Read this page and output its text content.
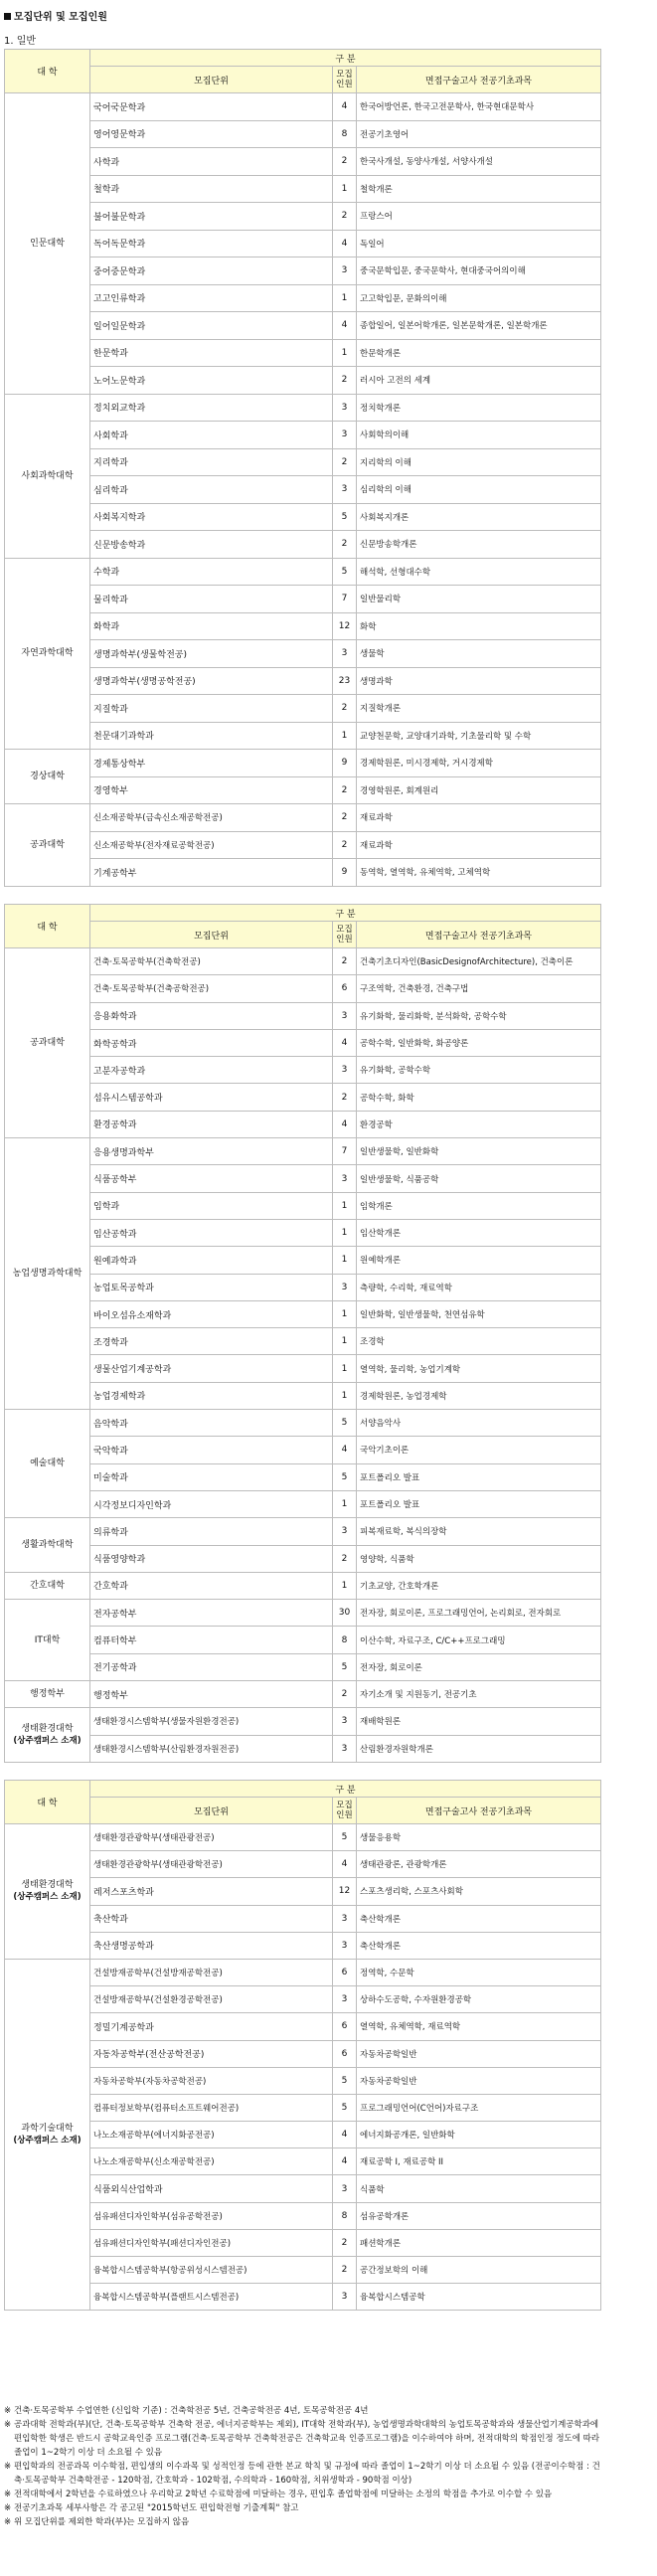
모집단위 및 모집인원
1. 일반
대 학	구 분		
	모집단위	모집인원	면접구술고사 전공기초과목
인문대학	국어국문학과	4	한국어방언론, 한국고전문학사, 한국현대문학사
	영어영문학과	8	전공기초영어
	사학과	2	한국사개설, 동양사개설, 서양사개설
	철학과	1	철학개론
	불어불문학과	2	프랑스어
	독어독문학과	4	독일어
	중어중문학과	3	중국문학입문, 중국문학사, 현대중국어의이해
	고고인류학과	1	고고학입문, 문화의이해
	일어일문학과	4	종합일어, 일본어학개론, 일본문학개론, 일본학개론
	한문학과	1	한문학개론
	노어노문학과	2	러시아 고전의 세계
사회과학대학	정치외교학과	3	정치학개론
	사회학과	3	사회학의이해
	지리학과	2	지리학의 이해
	심리학과	3	심리학의 이해
	사회복지학과	5	사회복지개론
	신문방송학과	2	신문방송학개론
자연과학대학	수학과	5	해석학, 선형대수학
	물리학과	7	일반물리학
	화학과	12	화학
	생명과학부(생물학전공)	3	생물학
	생명과학부(생명공학전공)	23	생명과학
	지질학과	2	지질학개론
	천문대기과학과	1	교양천문학, 교양대기과학, 기초물리학 및 수학
경상대학	경제통상학부	9	경제학원론, 미시경제학, 거시경제학
	경영학부	2	경영학원론, 회계원리
공과대학	신소재공학부(금속신소재공학전공)	2	재료과학
	신소재공학부(전자재료공학전공)	2	재료과학
	기계공학부	9	동역학, 열역학, 유체역학, 고체역학
대 학	구 분		
	모집단위	모집인원	면접구술고사 전공기초과목
공과대학	건축·토목공학부(건축학전공)	2	건축기초디자인(BasicDesignofArchitecture), 건축이론
	건축·토목공학부(건축공학전공)	6	구조역학, 건축환경, 건축구법
	응용화학과	3	유기화학, 물리화학, 분석화학, 공학수학
	화학공학과	4	공학수학, 일반화학, 화공양론
	고분자공학과	3	유기화학, 공학수학
	섬유시스템공학과	2	공학수학, 화학
	환경공학과	4	환경공학
농업생명과학대학	응용생명과학부	7	일반생물학, 일반화학
	식품공학부	3	일반생물학, 식품공학
	임학과	1	임학개론
	임산공학과	1	임산학개론
	원예과학과	1	원예학개론
	농업토목공학과	3	측량학, 수리학, 재료역학
	바이오섬유소재학과	1	일반화학, 일반생물학, 천연섬유학
	조경학과	1	조경학
	생물산업기계공학과	1	열역학, 물리학, 농업기계학
	농업경제학과	1	경제학원론, 농업경제학
예술대학	음악학과	5	서양음악사
	국악학과	4	국악기초이론
	미술학과	5	포트폴리오 발표
	시각정보디자인학과	1	포트폴리오 발표
생활과학대학	의류학과	3	피복재료학, 복식의장학
	식품영양학과	2	영양학, 식품학
간호대학	간호학과	1	기초교양, 간호학개론
IT대학	전자공학부	30	전자장, 회로이론, 프로그래밍언어, 논리회로, 전자회로
	컴퓨터학부	8	이산수학, 자료구조, C/C++프로그래밍
	전기공학과	5	전자장, 회로이론
행정학부	행정학부	2	자기소개 및 지원동기, 전공기초
생태환경대학
(상주캠퍼스 소재)	생태환경시스템학부(생물자원환경전공)	3	재배학원론
	생태환경시스템학부(산림환경자원전공)	3	산림환경자원학개론
대 학	구 분		
	모집단위	모집인원	면접구술고사 전공기초과목
생태환경대학
(상주캠퍼스 소재)	생태환경관광학부(생태관광전공)	5	생물응용학
	생태환경관광학부(생태관광학전공)	4	생태관광론, 관광학개론
	레저스포츠학과	12	스포츠생리학, 스포츠사회학
	축산학과	3	축산학개론
	축산생명공학과	3	축산학개론
과학기술대학
(상주캠퍼스 소재)	건설방재공학부(건설방재공학전공)	6	정역학, 수문학
	건설방재공학부(건설환경공학전공)	3	상하수도공학, 수자원환경공학
	정밀기계공학과	6	열역학, 유체역학, 재료역학
	자동차공학부(전산공학전공)	6	자동차공학일반
	자동차공학부(자동차공학전공)	5	자동차공학일반
	컴퓨터정보학부(컴퓨터소프트웨어전공)	5	프로그래밍언어(C언어)자료구조
	나노소재공학부(에너지화공전공)	4	에너지화공개론, 일반화학
	나노소재공학부(신소재공학전공)	4	재료공학 I, 재료공학 II
	식품외식산업학과	3	식품학
	섬유패션디자인학부(섬유공학전공)	8	섬유공학개론
	섬유패션디자인학부(패션디자인전공)	2	패션학개론
	융복합시스템공학부(항공위성시스템전공)	2	공간정보학의 이해
	융복합시스템공학부(플랜트시스템전공)	3	융복합시스템공학

※ 건축·토목공학부 수업연한 (신입학 기준) : 건축학전공 5년, 건축공학전공 4년, 토목공학전공 4년

※ 공과대학 전학과(부)(단, 건축·토목공학부 건축학 전공, 에너지공학부는 제외), IT대학 전학과(부), 농업생명과학대학의 농업토목공학과와 생물산업기계공학과에 편입학한 학생은 반드시 공학교육인증 프로그램(건축·토목공학부 건축학전공은 건축학교육 인증프로그램)을 이수하여야 하며, 전적대학의 학점인정 정도에 따라 졸업이 1~2학기 이상 더 소요될 수 있음

※ 편입학과의 전공과목 이수학점, 편입생의 이수과목 및 성적인정 등에 관한 본교 학칙 및 규정에 따라 졸업이 1~2학기 이상 더 소요될 수 있음 (전공이수학점 : 건축·토목공학부 건축학전공 - 120학점, 간호학과 - 102학점, 수의학과 - 160학점, 치위생학과 - 90학점 이상)

※ 전적대학에서 2학년을 수료하였으나 우리학교 2학년 수료학점에 미달하는 경우, 편입후 졸업학점에 미달하는 소정의 학점을 추가로 이수할 수 있음

※ 전공기초과목 세부사항은 각 공고된 "2015학년도 편입학전형 기출계획" 참고

※ 위 모집단위를 제외한 학과(부)는 모집하지 않음
